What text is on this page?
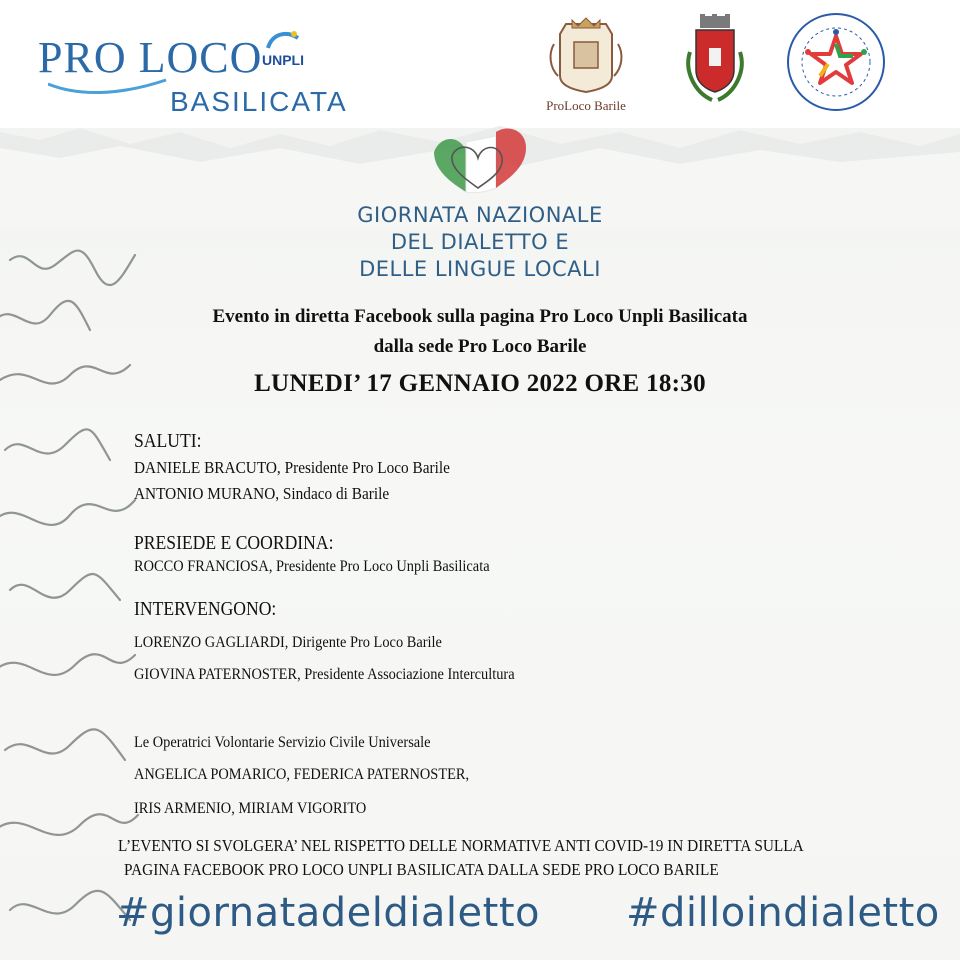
PRO LOCO
BASILICATA
UNPLI
ProLoco Barile
GIORNATA NAZIONALE
DEL DIALETTO E
DELLE LINGUE LOCALI
Evento in diretta Facebook sulla pagina Pro Loco Unpli Basilicata
dalla sede Pro Loco Barile
LUNEDI’ 17 GENNAIO 2022 ORE 18:30
SALUTI:
DANIELE BRACUTO, Presidente Pro Loco Barile
ANTONIO MURANO, Sindaco di Barile
PRESIEDE E COORDINA:
ROCCO FRANCIOSA, Presidente Pro Loco Unpli Basilicata
INTERVENGONO:
LORENZO GAGLIARDI, Dirigente Pro Loco Barile
GIOVINA PATERNOSTER, Presidente Associazione Intercultura
Le Operatrici Volontarie Servizio Civile Universale
ANGELICA POMARICO, FEDERICA PATERNOSTER,
IRIS ARMENIO, MIRIAM VIGORITO
L’EVENTO SI SVOLGERA’ NEL RISPETTO DELLE NORMATIVE ANTI COVID-19 IN DIRETTA SULLA
PAGINA FACEBOOK PRO LOCO UNPLI BASILICATA DALLA SEDE PRO LOCO BARILE
#giornatadeldialetto #dilloindialetto
